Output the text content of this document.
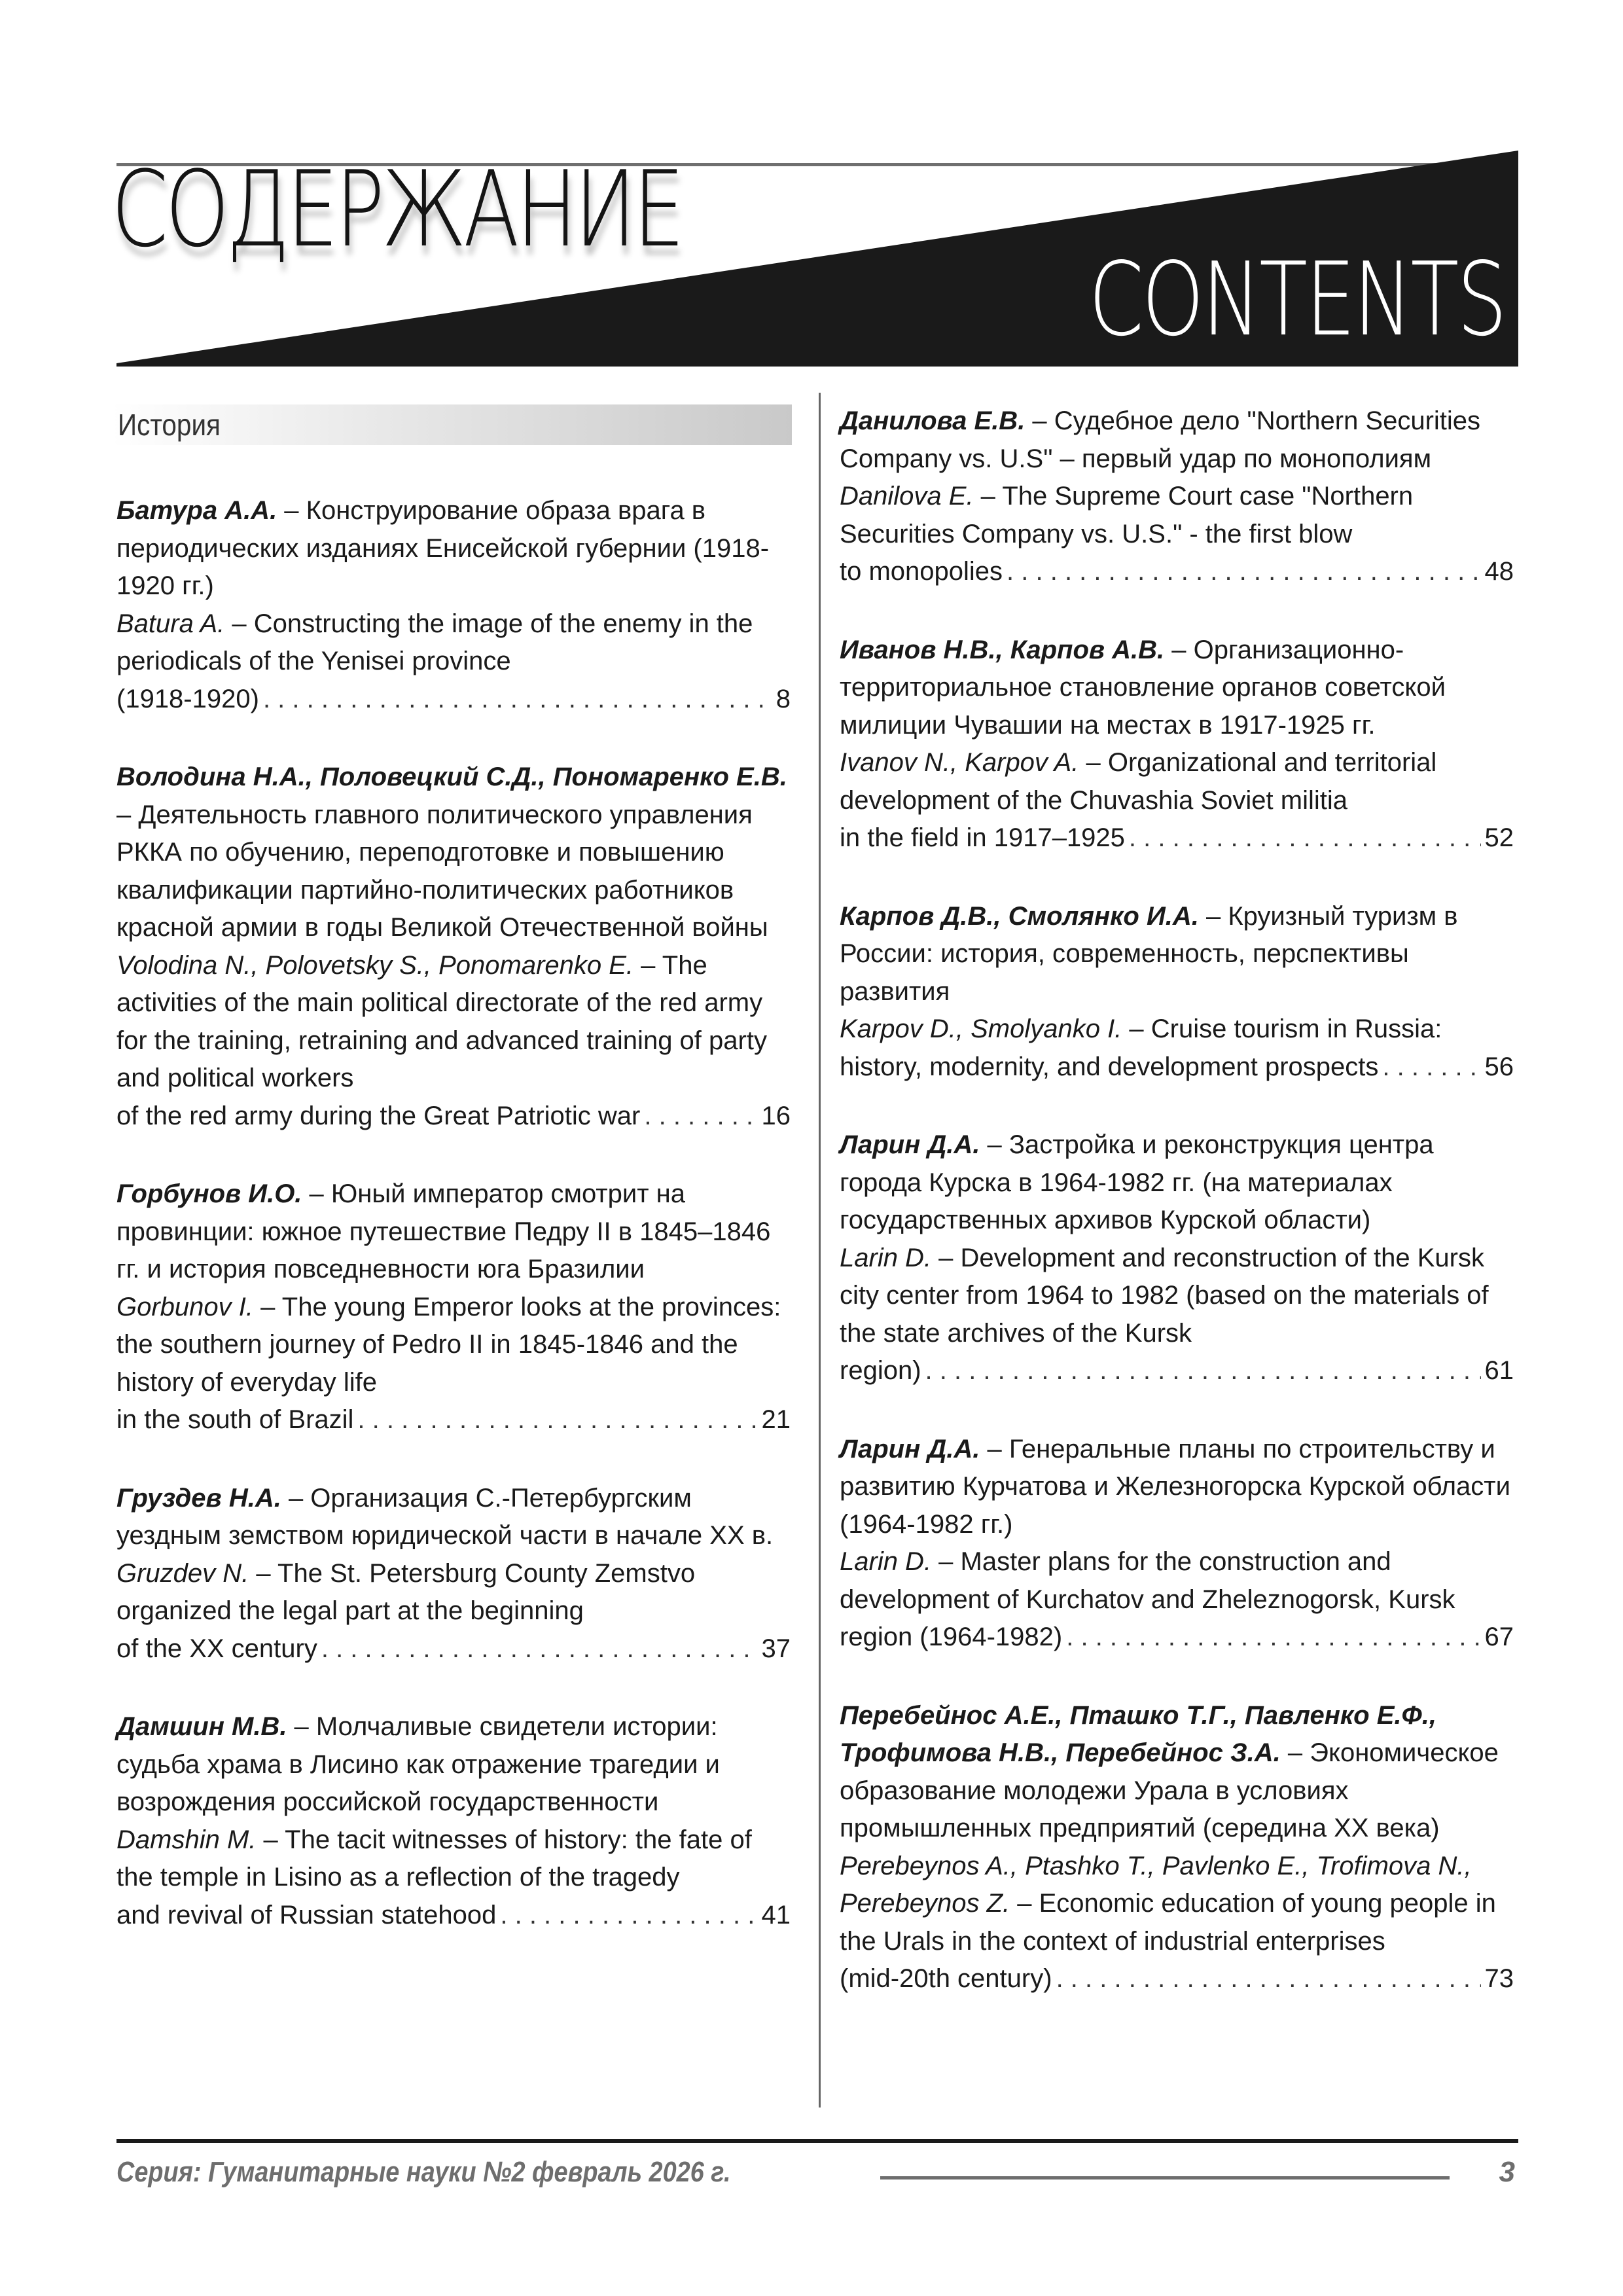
СОДЕРЖАНИЕ
CONTENTS
История

Батура А.А. – Конструирование образа врага в периодических изданиях Енисейской губернии (1918-1920 гг.)

Batura A. – Constructing the image of the enemy in the periodicals of the Yenisei province

(1918-1920) . . .	8

Володина Н.А., Половецкий С.Д., Пономаренко Е.В. – Деятельность главного политического управления РККА по обучению, переподготовке и повышению квалификации партийно-политических работников красной армии в годы Великой Отечественной войны

Volodina N., Polovetsky S., Ponomarenko E. – The activities of the main political directorate of the red army for the training, retraining and advanced training of party and political workers

of the red army during the Great Patriotic war . . .	16

Горбунов И.О. – Юный император смотрит на провинции: южное путешествие Педру II в 1845–1846 гг. и история повседневности юга Бразилии

Gorbunov I. – The young Emperor looks at the provinces: the southern journey of Pedro II in 1845-1846 and the history of everyday life

in the south of Brazil . . .	21

Груздев Н.А. – Организация С.-Петербургским уездным земством юридической части в начале XX в.

Gruzdev N. – The St. Petersburg County Zemstvo organized the legal part at the beginning

of the XX century . . .	37

Дамшин М.В. – Молчаливые свидетели истории: судьба храма в Лисино как отражение трагедии и возрождения российской государственности

Damshin M. – The tacit witnesses of history: the fate of the temple in Lisino as a reflection of the tragedy

and revival of Russian statehood . . .	41

Данилова Е.В. – Судебное дело "Northern Securities Company vs. U.S" – первый удар по монополиям

Danilova E. – The Supreme Court case "Northern Securities Company vs. U.S." - the first blow

to monopolies . . .	48

Иванов Н.В., Карпов А.В. – Организационно-территориальное становление органов советской милиции Чувашии на местах в 1917-1925 гг.

Ivanov N., Karpov A. – Organizational and territorial development of the Chuvashia Soviet militia

in the field in 1917–1925 . . .	52

Карпов Д.В., Смолянко И.А. – Круизный туризм в России: история, современность, перспективы развития

Karpov D., Smolyanko I. – Cruise tourism in Russia:

history, modernity, and development prospects . . .	56

Ларин Д.А. – Застройка и реконструкция центра города Курска в 1964-1982 гг. (на материалах государственных архивов Курской области)

Larin D. – Development and reconstruction of the Kursk city center from 1964 to 1982 (based on the materials of the state archives of the Kursk

region) . . .	61

Ларин Д.А. – Генеральные планы по строительству и развитию Курчатова и Железногорска Курской области (1964-1982 гг.)

Larin D. – Master plans for the construction and development of Kurchatov and Zheleznogorsk, Kursk

region (1964-1982) . . .	67

Перебейнос А.Е., Пташко Т.Г., Павленко Е.Ф., Трофимова Н.В., Перебейнос З.А. – Экономическое образование молодежи Урала в условиях промышленных предприятий (середина XX века)

Perebeynos A., Ptashko T., Pavlenko E., Trofimova N., Perebeynos Z. – Economic education of young people in the Urals in the context of industrial enterprises

(mid-20th century) . . .	73
Серия: Гуманитарные науки №2 февраль 2026 г.	3
